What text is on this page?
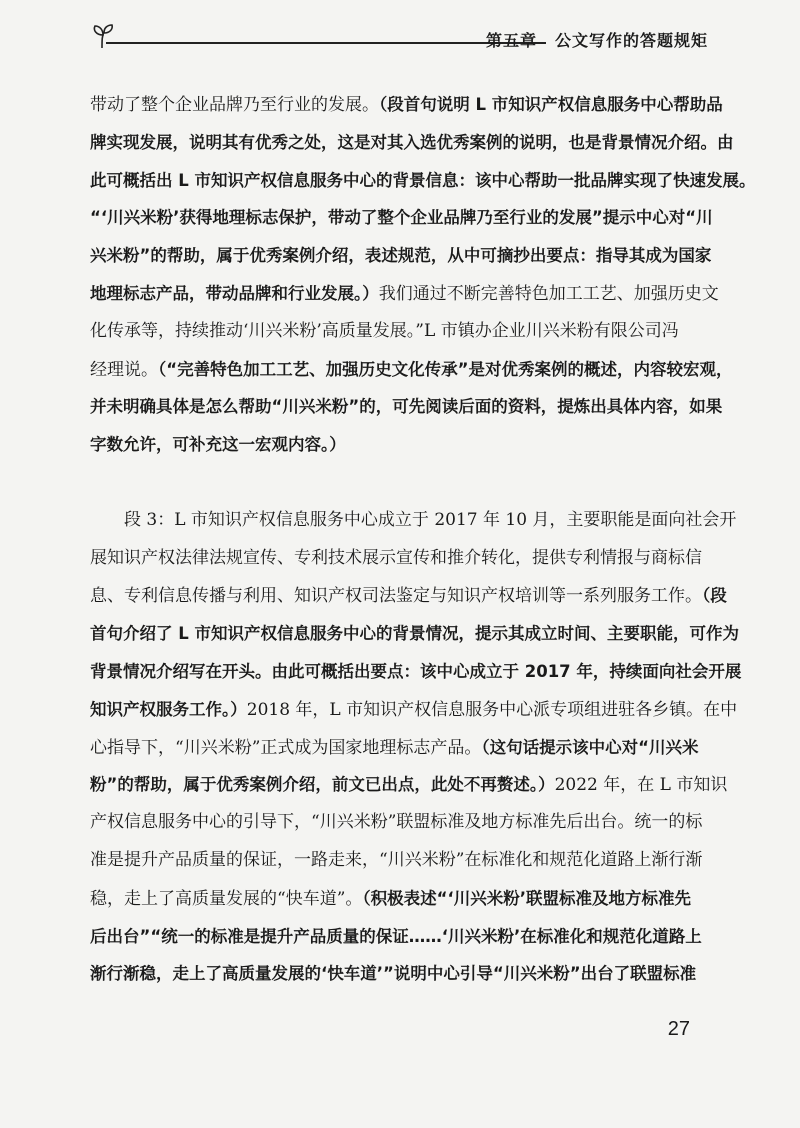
第五章 公文写作的答题规矩
带动了整个企业品牌乃至行业的发展。（段首句说明 L 市知识产权信息服务中心帮助品
牌实现发展，说明其有优秀之处，这是对其入选优秀案例的说明，也是背景情况介绍。由
此可概括出 L 市知识产权信息服务中心的背景信息：该中心帮助一批品牌实现了快速发展。
“‘川兴米粉’获得地理标志保护，带动了整个企业品牌乃至行业的发展”提示中心对“川
兴米粉”的帮助，属于优秀案例介绍，表述规范，从中可摘抄出要点：指导其成为国家
地理标志产品，带动品牌和行业发展。）我们通过不断完善特色加工工艺、加强历史文
化传承等，持续推动‘川兴米粉’高质量发展。”L 市镇办企业川兴米粉有限公司冯
经理说。（“完善特色加工工艺、加强历史文化传承”是对优秀案例的概述，内容较宏观，
并未明确具体是怎么帮助“川兴米粉”的，可先阅读后面的资料，提炼出具体内容，如果
字数允许，可补充这一宏观内容。）
段 3：L 市知识产权信息服务中心成立于 2017 年 10 月，主要职能是面向社会开
展知识产权法律法规宣传、专利技术展示宣传和推介转化，提供专利情报与商标信
息、专利信息传播与利用、知识产权司法鉴定与知识产权培训等一系列服务工作。（段
首句介绍了 L 市知识产权信息服务中心的背景情况，提示其成立时间、主要职能，可作为
背景情况介绍写在开头。由此可概括出要点：该中心成立于 2017 年，持续面向社会开展
知识产权服务工作。）2018 年，L 市知识产权信息服务中心派专项组进驻各乡镇。在中
心指导下，“川兴米粉”正式成为国家地理标志产品。（这句话提示该中心对“川兴米
粉”的帮助，属于优秀案例介绍，前文已出点，此处不再赘述。）2022 年，在 L 市知识
产权信息服务中心的引导下，“川兴米粉”联盟标准及地方标准先后出台。统一的标
准是提升产品质量的保证，一路走来，“川兴米粉”在标准化和规范化道路上渐行渐
稳，走上了高质量发展的“快车道”。（积极表述“‘川兴米粉’联盟标准及地方标准先
后出台”“统一的标准是提升产品质量的保证……‘川兴米粉’在标准化和规范化道路上
渐行渐稳，走上了高质量发展的‘快车道’”说明中心引导“川兴米粉”出台了联盟标准
27
